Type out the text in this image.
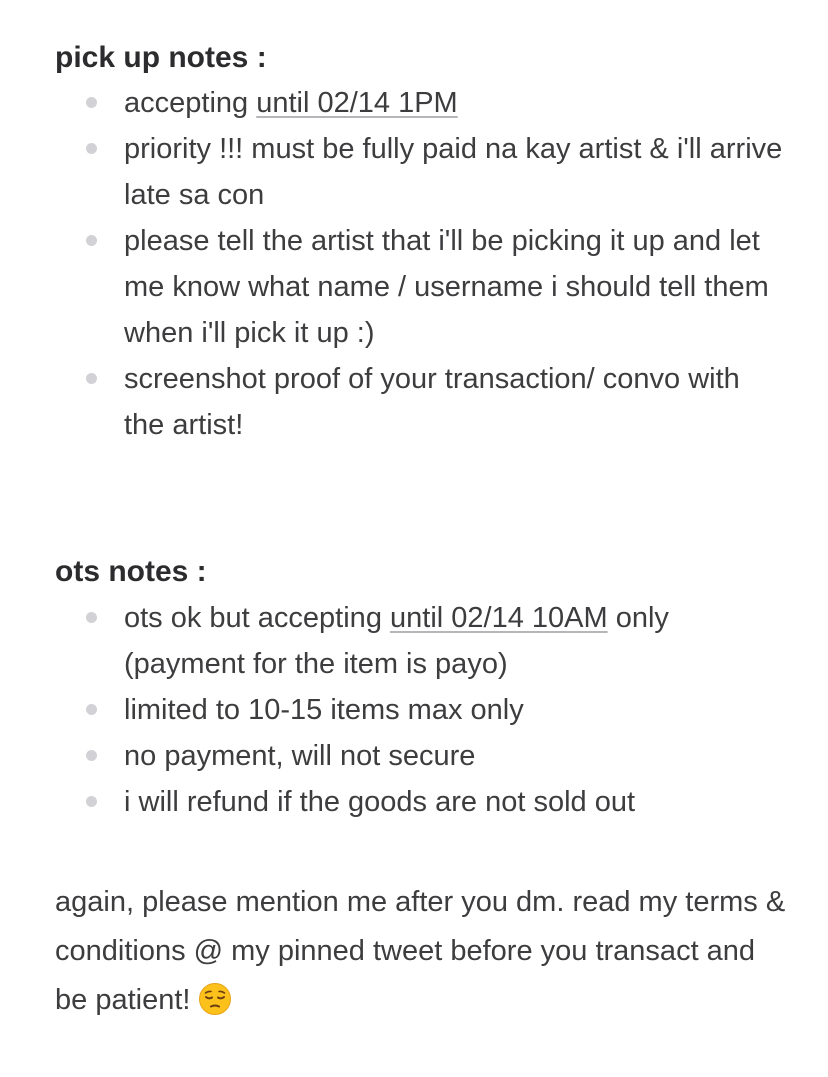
pick up notes :
accepting until 02/14 1PM
priority !!! must be fully paid na kay artist & i'll arrive late sa con
please tell the artist that i'll be picking it up and let me know what name / username i should tell them when i'll pick it up :)
screenshot proof of your transaction/ convo with the artist!
ots notes :
ots ok but accepting until 02/14 10AM only (payment for the item is payo)
limited to 10-15 items max only
no payment, will not secure
i will refund if the goods are not sold out

again, please mention me after you dm. read my terms & conditions @ my pinned tweet before you transact and be patient!
